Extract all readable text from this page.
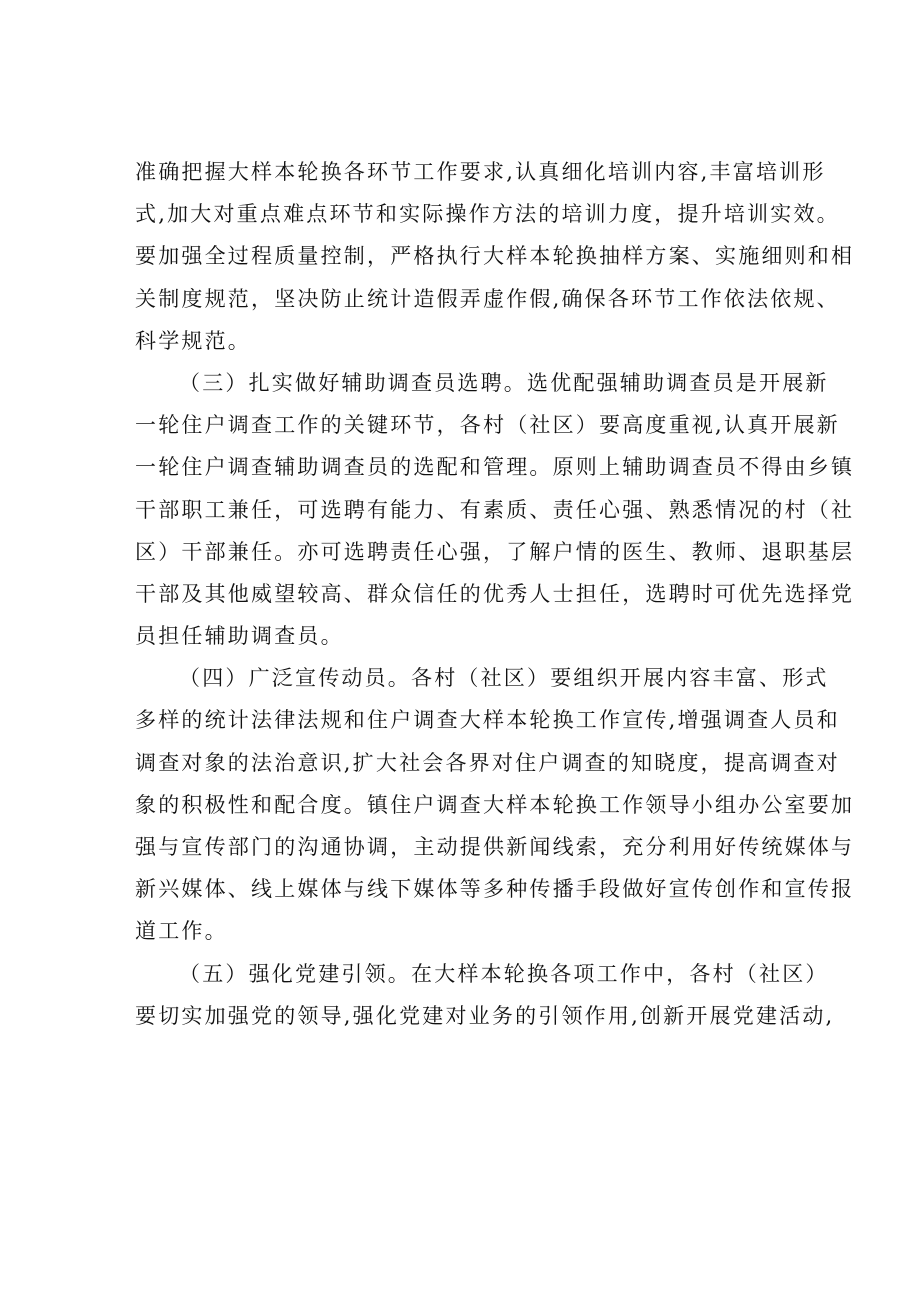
准确把握大样本轮换各环节工作要求,认真细化培训内容,丰富培训形
式,加大对重点难点环节和实际操作方法的培训力度，提升培训实效。
要加强全过程质量控制，严格执行大样本轮换抽样方案、实施细则和相
关制度规范，坚决防止统计造假弄虚作假,确保各环节工作依法依规、
科学规范。
（三）扎实做好辅助调查员选聘。选优配强辅助调查员是开展新
一轮住户调查工作的关键环节，各村（社区）要高度重视,认真开展新
一轮住户调查辅助调查员的选配和管理。原则上辅助调查员不得由乡镇
干部职工兼任，可选聘有能力、有素质、责任心强、熟悉情况的村（社
区）干部兼任。亦可选聘责任心强，了解户情的医生、教师、退职基层
干部及其他威望较高、群众信任的优秀人士担任，选聘时可优先选择党
员担任辅助调查员。
（四）广泛宣传动员。各村（社区）要组织开展内容丰富、形式
多样的统计法律法规和住户调查大样本轮换工作宣传,增强调查人员和
调查对象的法治意识,扩大社会各界对住户调查的知晓度，提高调查对
象的积极性和配合度。镇住户调查大样本轮换工作领导小组办公室要加
强与宣传部门的沟通协调，主动提供新闻线索，充分利用好传统媒体与
新兴媒体、线上媒体与线下媒体等多种传播手段做好宣传创作和宣传报
道工作。
（五）强化党建引领。在大样本轮换各项工作中，各村（社区）
要切实加强党的领导,强化党建对业务的引领作用,创新开展党建活动,
